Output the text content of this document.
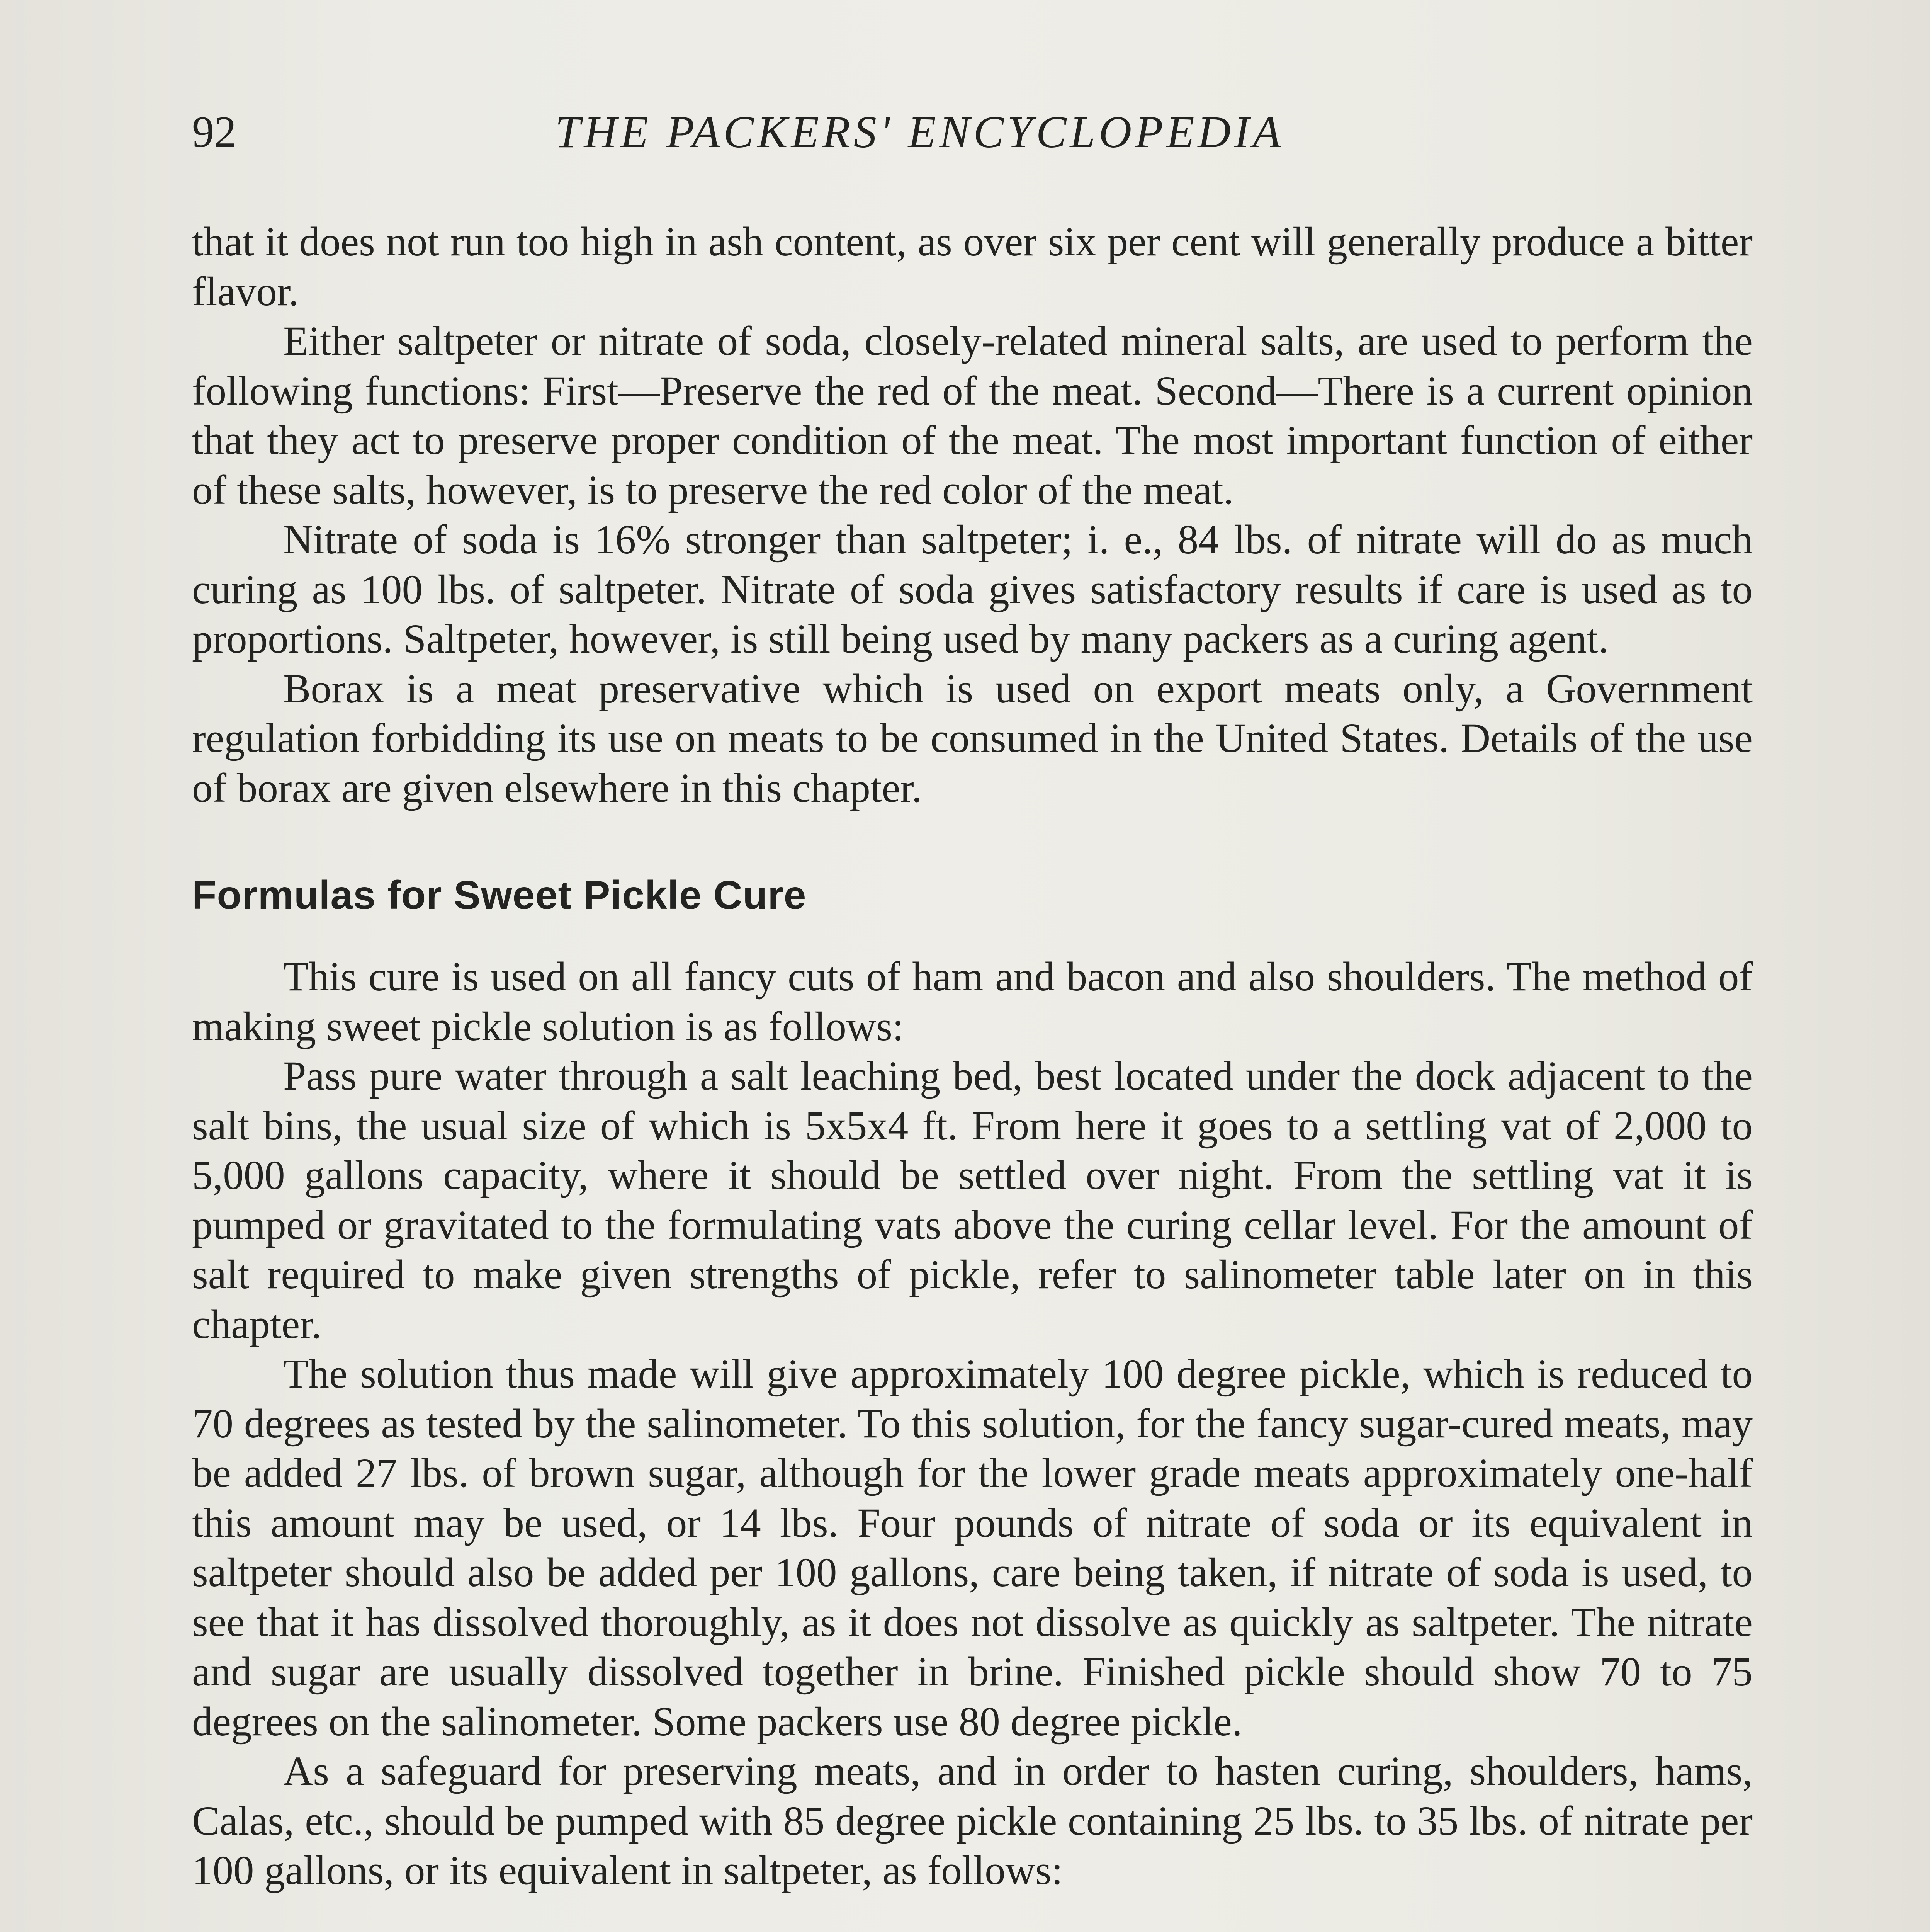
92	THE PACKERS' ENCYCLOPEDIA

that it does not run too high in ash content, as over six per cent will generally produce a bitter flavor.

Either saltpeter or nitrate of soda, closely-related mineral salts, are used to perform the following functions: First—Preserve the red of the meat. Second—There is a current opinion that they act to preserve proper condition of the meat. The most important function of either of these salts, however, is to preserve the red color of the meat.

Nitrate of soda is 16% stronger than saltpeter; i. e., 84 lbs. of nitrate will do as much curing as 100 lbs. of saltpeter. Nitrate of soda gives satisfactory results if care is used as to proportions. Saltpeter, however, is still being used by many packers as a curing agent.

Borax is a meat preservative which is used on export meats only, a Government regulation forbidding its use on meats to be consumed in the United States. Details of the use of borax are given elsewhere in this chapter.

Formulas for Sweet Pickle Cure

This cure is used on all fancy cuts of ham and bacon and also shoulders. The method of making sweet pickle solution is as follows:

Pass pure water through a salt leaching bed, best located under the dock adjacent to the salt bins, the usual size of which is 5x5x4 ft. From here it goes to a settling vat of 2,000 to 5,000 gallons capacity, where it should be settled over night. From the settling vat it is pumped or gravitated to the formulating vats above the curing cellar level. For the amount of salt required to make given strengths of pickle, refer to salinometer table later on in this chapter.

The solution thus made will give approximately 100 degree pickle, which is reduced to 70 degrees as tested by the salinometer. To this solution, for the fancy sugar-cured meats, may be added 27 lbs. of brown sugar, although for the lower grade meats approximately one-half this amount may be used, or 14 lbs. Four pounds of nitrate of soda or its equivalent in saltpeter should also be added per 100 gallons, care being taken, if nitrate of soda is used, to see that it has dissolved thoroughly, as it does not dissolve as quickly as saltpeter. The nitrate and sugar are usually dissolved together in brine. Finished pickle should show 70 to 75 degrees on the salinometer. Some packers use 80 degree pickle.

As a safeguard for preserving meats, and in order to hasten curing, shoulders, hams, Calas, etc., should be pumped with 85 degree pickle containing 25 lbs. to 35 lbs. of nitrate per 100 gallons, or its equivalent in saltpeter, as follows:
